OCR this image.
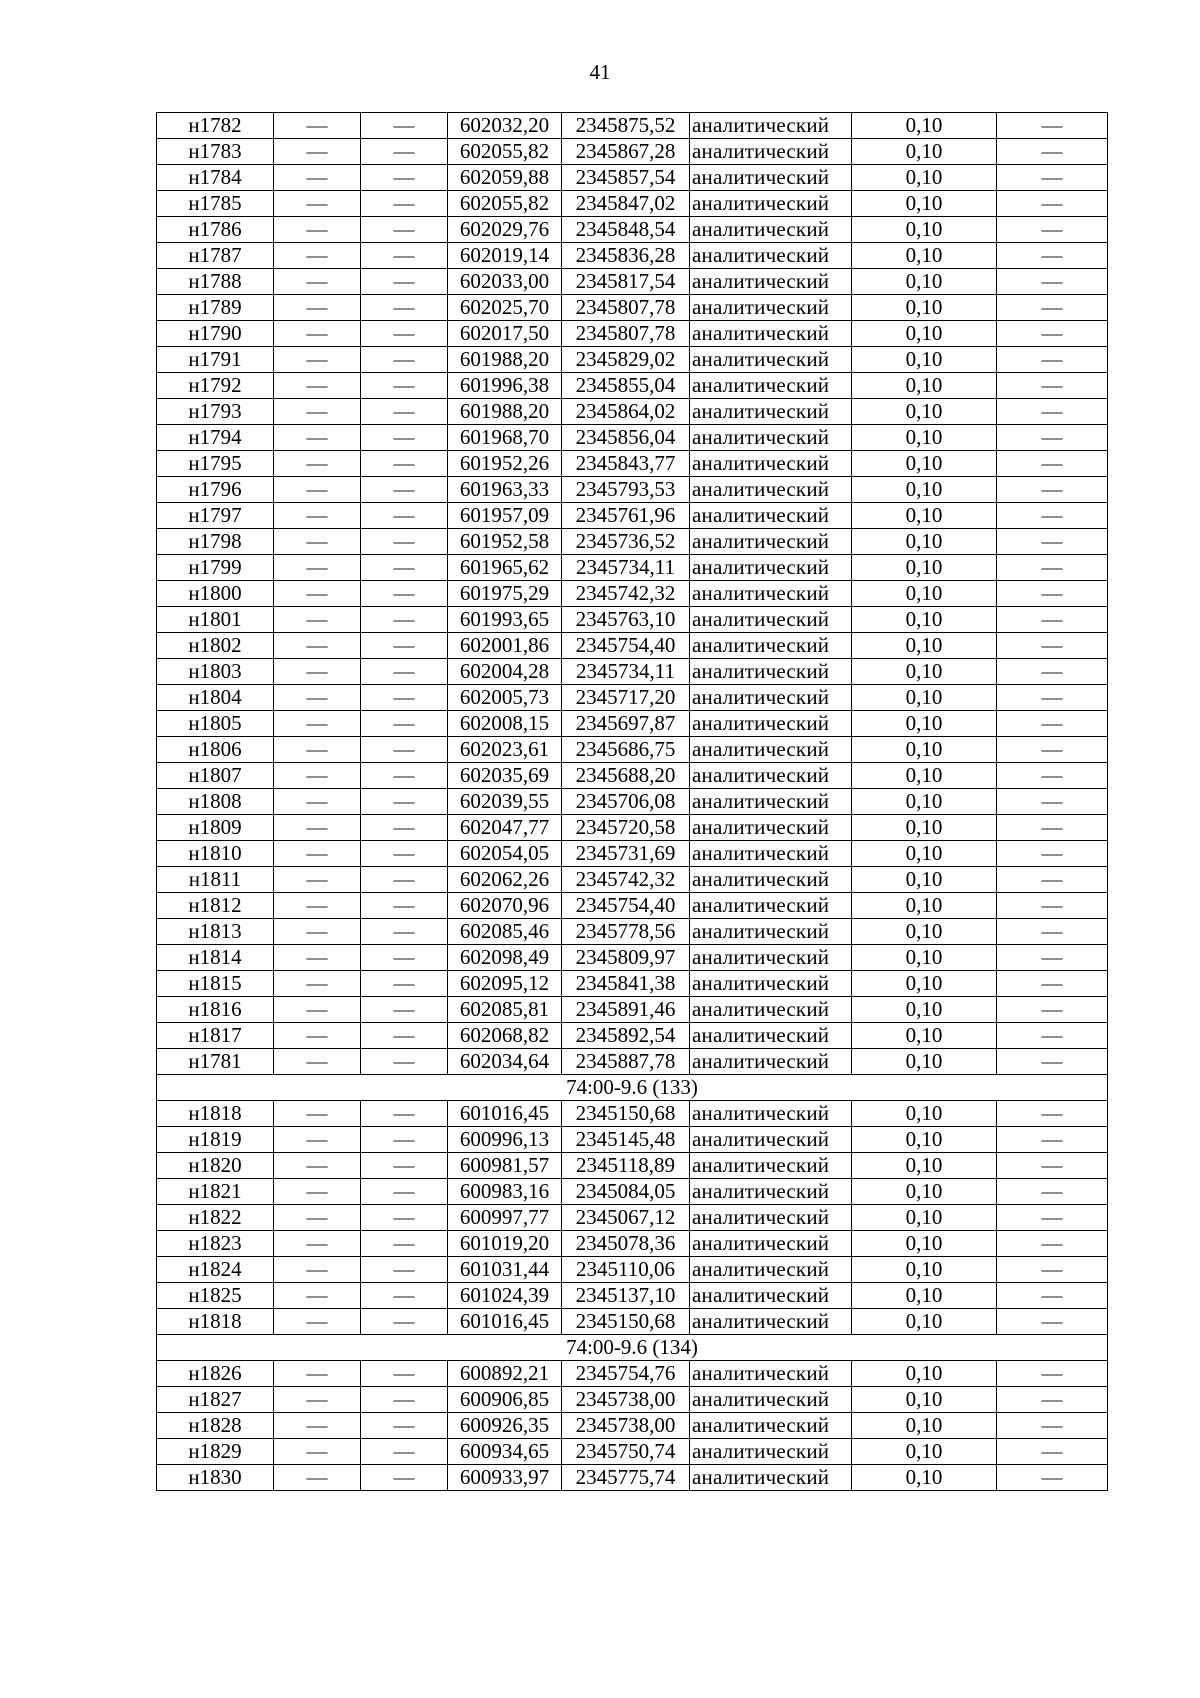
41
н1782	—	—	602032,20	2345875,52	аналитический	0,10	—
н1783	—	—	602055,82	2345867,28	аналитический	0,10	—
н1784	—	—	602059,88	2345857,54	аналитический	0,10	—
н1785	—	—	602055,82	2345847,02	аналитический	0,10	—
н1786	—	—	602029,76	2345848,54	аналитический	0,10	—
н1787	—	—	602019,14	2345836,28	аналитический	0,10	—
н1788	—	—	602033,00	2345817,54	аналитический	0,10	—
н1789	—	—	602025,70	2345807,78	аналитический	0,10	—
н1790	—	—	602017,50	2345807,78	аналитический	0,10	—
н1791	—	—	601988,20	2345829,02	аналитический	0,10	—
н1792	—	—	601996,38	2345855,04	аналитический	0,10	—
н1793	—	—	601988,20	2345864,02	аналитический	0,10	—
н1794	—	—	601968,70	2345856,04	аналитический	0,10	—
н1795	—	—	601952,26	2345843,77	аналитический	0,10	—
н1796	—	—	601963,33	2345793,53	аналитический	0,10	—
н1797	—	—	601957,09	2345761,96	аналитический	0,10	—
н1798	—	—	601952,58	2345736,52	аналитический	0,10	—
н1799	—	—	601965,62	2345734,11	аналитический	0,10	—
н1800	—	—	601975,29	2345742,32	аналитический	0,10	—
н1801	—	—	601993,65	2345763,10	аналитический	0,10	—
н1802	—	—	602001,86	2345754,40	аналитический	0,10	—
н1803	—	—	602004,28	2345734,11	аналитический	0,10	—
н1804	—	—	602005,73	2345717,20	аналитический	0,10	—
н1805	—	—	602008,15	2345697,87	аналитический	0,10	—
н1806	—	—	602023,61	2345686,75	аналитический	0,10	—
н1807	—	—	602035,69	2345688,20	аналитический	0,10	—
н1808	—	—	602039,55	2345706,08	аналитический	0,10	—
н1809	—	—	602047,77	2345720,58	аналитический	0,10	—
н1810	—	—	602054,05	2345731,69	аналитический	0,10	—
н1811	—	—	602062,26	2345742,32	аналитический	0,10	—
н1812	—	—	602070,96	2345754,40	аналитический	0,10	—
н1813	—	—	602085,46	2345778,56	аналитический	0,10	—
н1814	—	—	602098,49	2345809,97	аналитический	0,10	—
н1815	—	—	602095,12	2345841,38	аналитический	0,10	—
н1816	—	—	602085,81	2345891,46	аналитический	0,10	—
н1817	—	—	602068,82	2345892,54	аналитический	0,10	—
н1781	—	—	602034,64	2345887,78	аналитический	0,10	—
74:00-9.6 (133)							
н1818	—	—	601016,45	2345150,68	аналитический	0,10	—
н1819	—	—	600996,13	2345145,48	аналитический	0,10	—
н1820	—	—	600981,57	2345118,89	аналитический	0,10	—
н1821	—	—	600983,16	2345084,05	аналитический	0,10	—
н1822	—	—	600997,77	2345067,12	аналитический	0,10	—
н1823	—	—	601019,20	2345078,36	аналитический	0,10	—
н1824	—	—	601031,44	2345110,06	аналитический	0,10	—
н1825	—	—	601024,39	2345137,10	аналитический	0,10	—
н1818	—	—	601016,45	2345150,68	аналитический	0,10	—
74:00-9.6 (134)							
н1826	—	—	600892,21	2345754,76	аналитический	0,10	—
н1827	—	—	600906,85	2345738,00	аналитический	0,10	—
н1828	—	—	600926,35	2345738,00	аналитический	0,10	—
н1829	—	—	600934,65	2345750,74	аналитический	0,10	—
н1830	—	—	600933,97	2345775,74	аналитический	0,10	—
